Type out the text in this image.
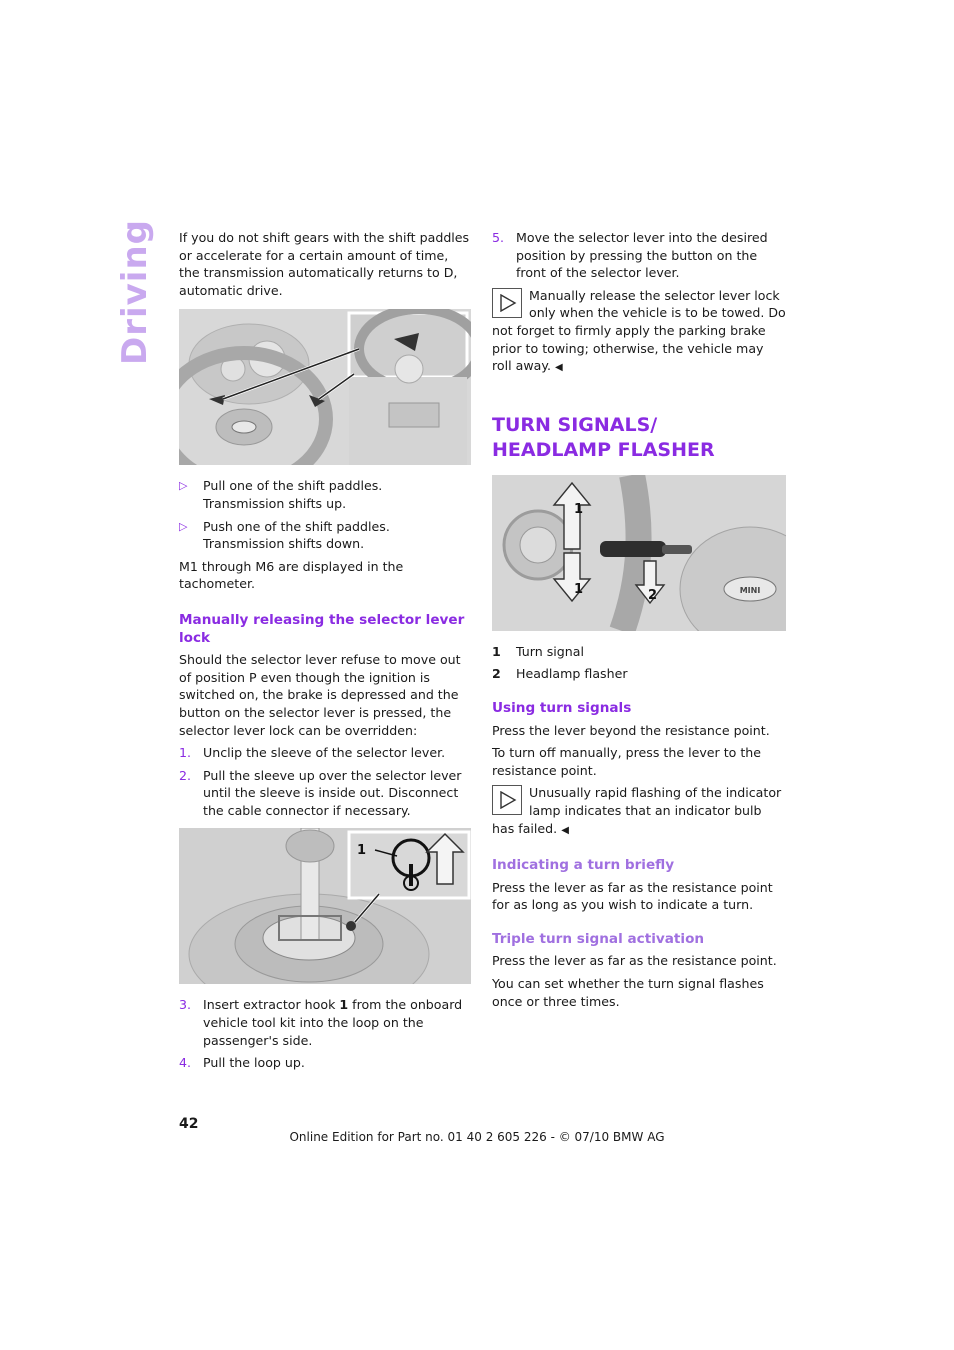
Driving If you do not shift gears with the shift paddles or accelerate for a certain amount of time, the transmission automatically returns to D, automatic drive.

▷	Pull one of the shift paddles.
Transmission shifts up.
▷	Push one of the shift paddles.
Transmission shifts down.

M1 through M6 are displayed in the tachometer.

Manually releasing the selector lever lock

Should the selector lever refuse to move out of position P even though the ignition is switched on, the brake is depressed and the button on the selector lever is pressed, the selector lever lock can be overridden:

1. Unclip the sleeve of the selector lever.
2. Pull the sleeve up over the selector lever until the sleeve is inside out. Disconnect the cable connector if necessary.
1
3. Insert extractor hook 1 from the onboard vehicle tool kit into the loop on the passenger's side.
4. Pull the loop up.
5. Move the selector lever into the desired position by pressing the button on the front of the selector lever.
Manually release the selector lever lock only when the vehicle is to be towed. Do not forget to firmly apply the parking brake prior to towing; otherwise, the vehicle may roll away. ◀
TURN SIGNALS/
HEADLAMP FLASHER
MINI
1
1	2
1	Turn signal
2	Headlamp flasher
Using turn signals

Press the lever beyond the resistance point.

To turn off manually, press the lever to the resistance point.

Unusually rapid flashing of the indicator lamp indicates that an indicator bulb has failed. ◀
Indicating a turn briefly

Press the lever as far as the resistance point for as long as you wish to indicate a turn.

Triple turn signal activation

Press the lever as far as the resistance point.

You can set whether the turn signal flashes once or three times.

42
Online Edition for Part no. 01 40 2 605 226 - © 07/10 BMW AG
